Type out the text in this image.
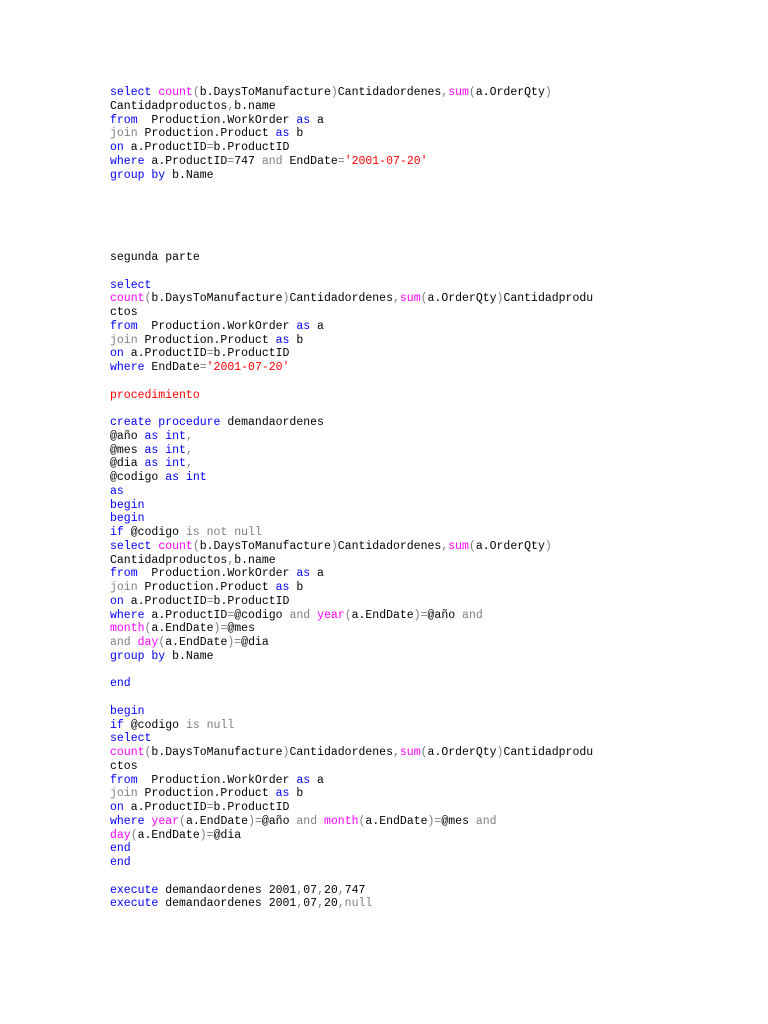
select count(b.DaysToManufacture)Cantidadordenes,sum(a.OrderQty)
Cantidadproductos,b.name
from  Production.WorkOrder as a
join Production.Product as b
on a.ProductID=b.ProductID
where a.ProductID=747 and EndDate='2001-07-20'
group by b.Name
segunda parte
select
count(b.DaysToManufacture)Cantidadordenes,sum(a.OrderQty)Cantidadprodu
ctos
from  Production.WorkOrder as a
join Production.Product as b
on a.ProductID=b.ProductID
where EndDate='2001-07-20'
procedimiento
create procedure demandaordenes
@año as int,
@mes as int,
@dia as int,
@codigo as int
as
begin
begin
if @codigo is not null
select count(b.DaysToManufacture)Cantidadordenes,sum(a.OrderQty)
Cantidadproductos,b.name
from  Production.WorkOrder as a
join Production.Product as b
on a.ProductID=b.ProductID
where a.ProductID=@codigo and year(a.EndDate)=@año and
month(a.EndDate)=@mes
and day(a.EndDate)=@dia
group by b.Name
end
begin
if @codigo is null
select
count(b.DaysToManufacture)Cantidadordenes,sum(a.OrderQty)Cantidadprodu
ctos
from  Production.WorkOrder as a
join Production.Product as b
on a.ProductID=b.ProductID
where year(a.EndDate)=@año and month(a.EndDate)=@mes and
day(a.EndDate)=@dia
end
end
execute demandaordenes 2001,07,20,747
execute demandaordenes 2001,07,20,null
